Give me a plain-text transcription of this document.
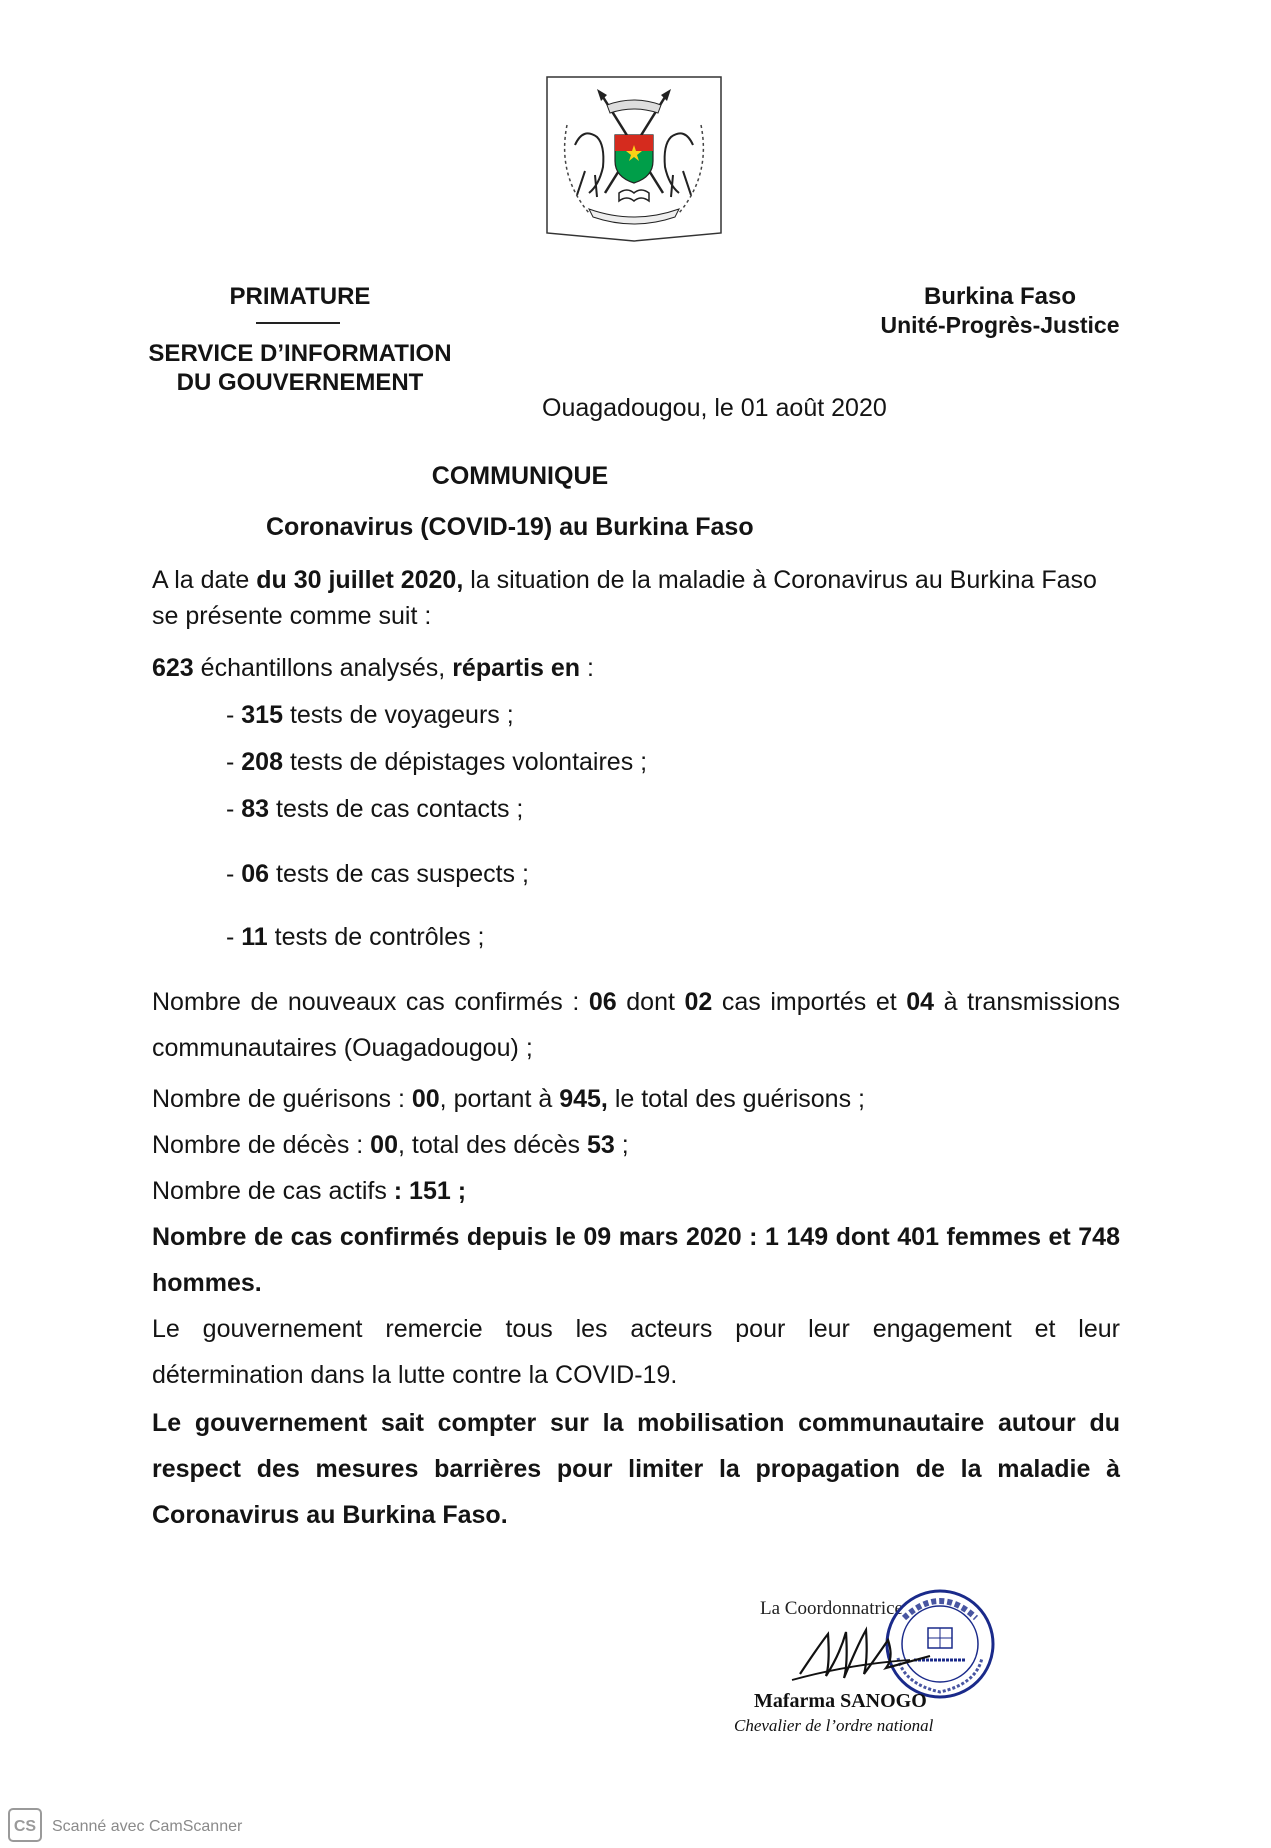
PRIMATURE
SERVICE D’INFORMATION
DU GOUVERNEMENT
Burkina Faso
Unité-Progrès-Justice
Ouagadougou, le 01 août 2020
COMMUNIQUE
Coronavirus (COVID-19) au Burkina Faso
A la date du 30 juillet 2020, la situation de la maladie à Coronavirus au Burkina Faso
se présente comme suit :
623 échantillons analysés, répartis en :
- 315 tests de voyageurs ;
- 208 tests de dépistages volontaires ;
- 83 tests de cas contacts ;
- 06 tests de cas suspects ;
- 11 tests de contrôles ;
Nombre de nouveaux cas confirmés : 06 dont 02 cas importés et 04 à transmissions
communautaires (Ouagadougou) ;
Nombre de guérisons : 00, portant à 945, le total des guérisons ;
Nombre de décès : 00, total des décès 53 ;
Nombre de cas actifs : 151 ;
Nombre de cas confirmés depuis le 09 mars 2020 : 1 149 dont 401 femmes et 748
hommes.
Le gouvernement remercie tous les acteurs pour leur engagement et leur
détermination dans la lutte contre la COVID-19.
Le gouvernement sait compter sur la mobilisation communautaire autour du
respect des mesures barrières pour limiter la propagation de la maladie à
Coronavirus au Burkina Faso.
La Coordonnatrice
Mafarma SANOGO
Chevalier de l’ordre national
CS Scanné avec CamScanner
